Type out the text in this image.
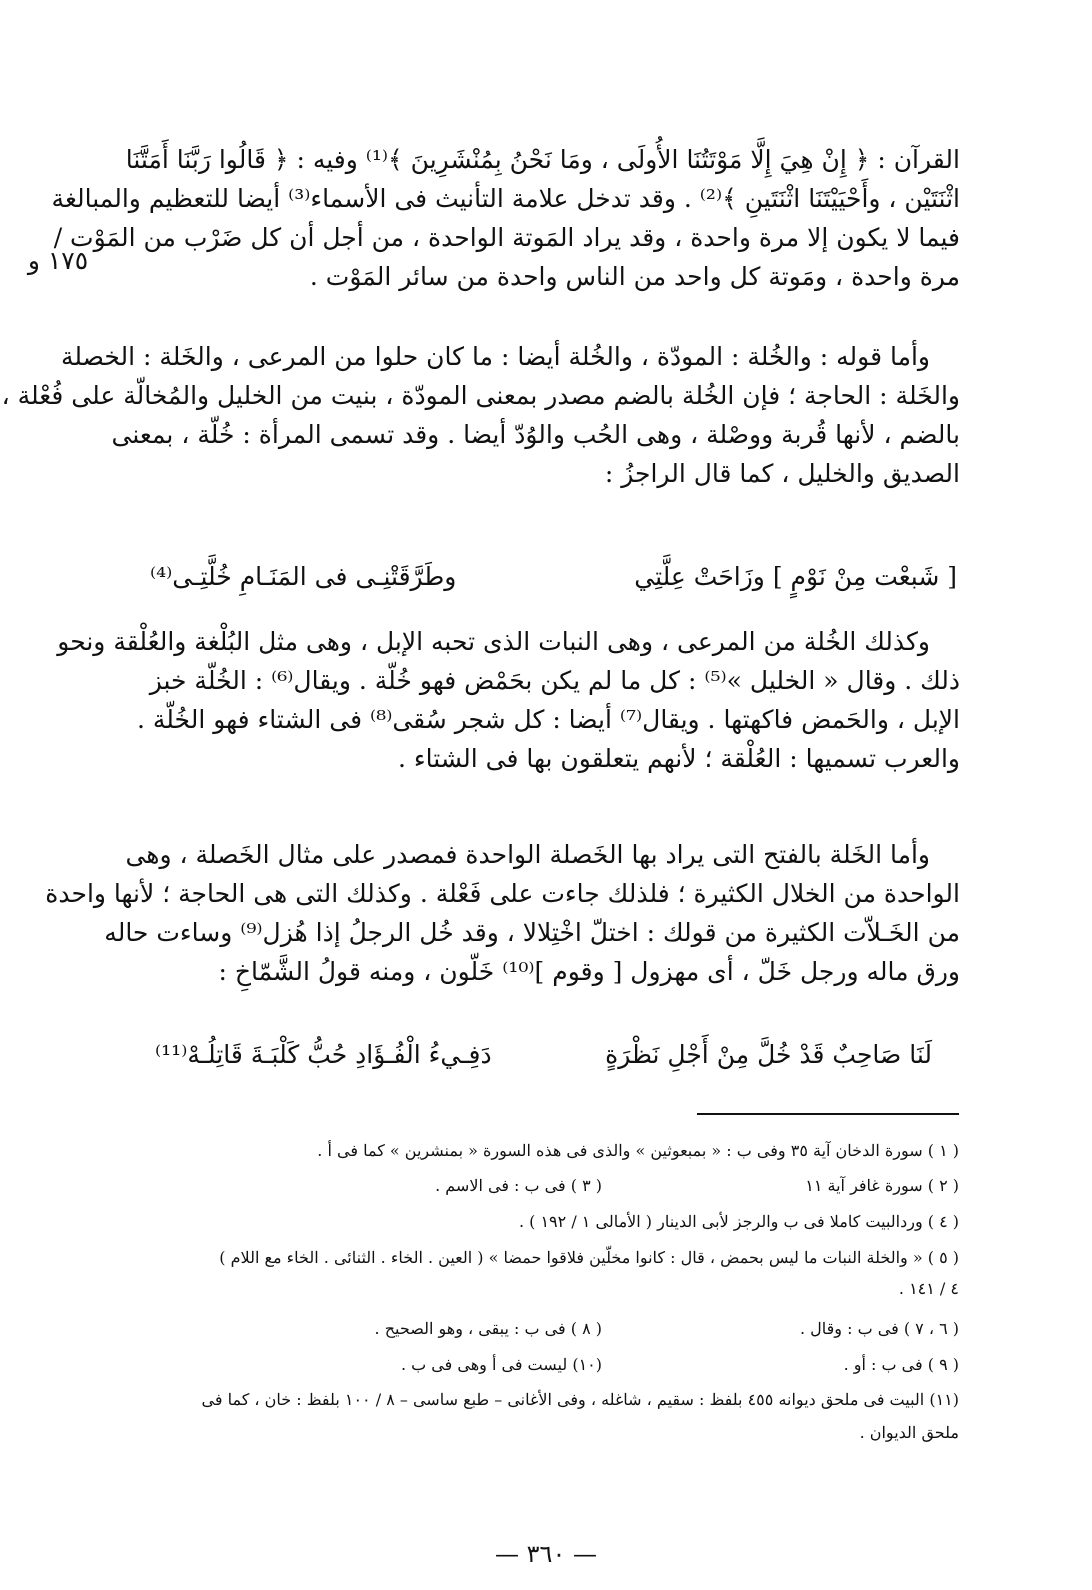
١٧٥ و
القرآن : ﴿ إِنْ هِيَ إِلَّا مَوْتَتُنَا الأُولَى ، ومَا نَحْنُ بِمُنْشَرِينَ ﴾⁽¹⁾ وفيه : ﴿ قَالُوا رَبَّنَا أَمَتَّنَا
اثْنَتَيْن ، وأَحْيَيْتَنَا اثْنَتَينِ ﴾⁽²⁾ . وقد تدخل علامة التأنيث فى الأسماء⁽³⁾ أيضا للتعظيم والمبالغة
فيما لا يكون إلا مرة واحدة ، وقد يراد المَوتة الواحدة ، من أجل أن كل ضَرْب من المَوْت /
مرة واحدة ، ومَوتة كل واحد من الناس واحدة من سائر المَوْت .
وأما قوله : والخُلة : المودّة ، والخُلة أيضا : ما كان حلوا من المرعى ، والخَلة : الخصلة
والخَلة : الحاجة ؛ فإن الخُلة بالضم مصدر بمعنى المودّة ، بنيت من الخليل والمُخالّة على فُعْلة ،
بالضم ، لأنها قُربة ووصْلة ، وهى الحُب والوُدّ أيضا . وقد تسمى المرأة : خُلّة ، بمعنى
الصديق والخليل ، كما قال الراجزُ :
[ شَبعْت مِنْ نَوْمٍ ] وزَاحَتْ عِلَّتِي
وطَرَّقَتْنِـى فى المَنَـامِ خُلَّتِـى⁽⁴⁾
وكذلك الخُلة من المرعى ، وهى النبات الذى تحبه الإبل ، وهى مثل البُلْغة والعُلْقة ونحو
ذلك . وقال « الخليل »⁽⁵⁾ : كل ما لم يكن بحَمْض فهو خُلّة . ويقال⁽⁶⁾ : الخُلّة خبز
الإبل ، والحَمض فاكهتها . ويقال⁽⁷⁾ أيضا : كل شجر سُقى⁽⁸⁾ فى الشتاء فهو الخُلّة .
والعرب تسميها : العُلْقة ؛ لأنهم يتعلقون بها فى الشتاء .
وأما الخَلة بالفتح التى يراد بها الخَصلة الواحدة فمصدر على مثال الخَصلة ، وهى
الواحدة من الخلال الكثيرة ؛ فلذلك جاءت على فَعْلة . وكذلك التى هى الحاجة ؛ لأنها واحدة
من الخَـلاّت الكثيرة من قولك : اختلّ اخْتِلالا ، وقد خُل الرجلُ إذا هُزل⁽⁹⁾ وساءت حاله
ورق ماله ورجل خَلّ ، أى مهزول [ وقوم ]⁽¹⁰⁾ خَلّون ، ومنه قولُ الشَّمّاخِ :
لَنَا صَاحِبٌ قَدْ خُلَّ مِنْ أَجْلِ نَظْرَةٍ
دَفِـيءُ الْفُـؤَادِ حُبُّ كَلْبَـةَ قَاتِلُـهْ⁽¹¹⁾
( ١ ) سورة الدخان آية ٣٥ وفى ب : « بمبعوثين » والذى فى هذه السورة « بمنشرين » كما فى أ .
( ٢ ) سورة غافر آية ١١
( ٣ ) فى ب : فى الاسم .
( ٤ ) وردالبيت كاملا فى ب والرجز لأبى الدينار ( الأمالى ١ / ١٩٢ ) .
( ٥ ) « والخلة النبات ما ليس بحمض ، قال : كانوا مخلّين فلاقوا حمضا » ( العين . الخاء . الثنائى . الخاء مع اللام )
٤ / ١٤١ .
( ٦ ، ٧ ) فى ب : وقال .
( ٨ ) فى ب : يبقى ، وهو الصحيح .
( ٩ ) فى ب : أو .
(١٠) ليست فى أ وهى فى ب .
(١١) البيت فى ملحق ديوانه ٤٥٥ بلفظ : سقيم ، شاغله ، وفى الأغانى – طبع ساسى – ٨ / ١٠٠ بلفظ : خان ، كما فى
ملحق الديوان .
— ٣٦٠ —
